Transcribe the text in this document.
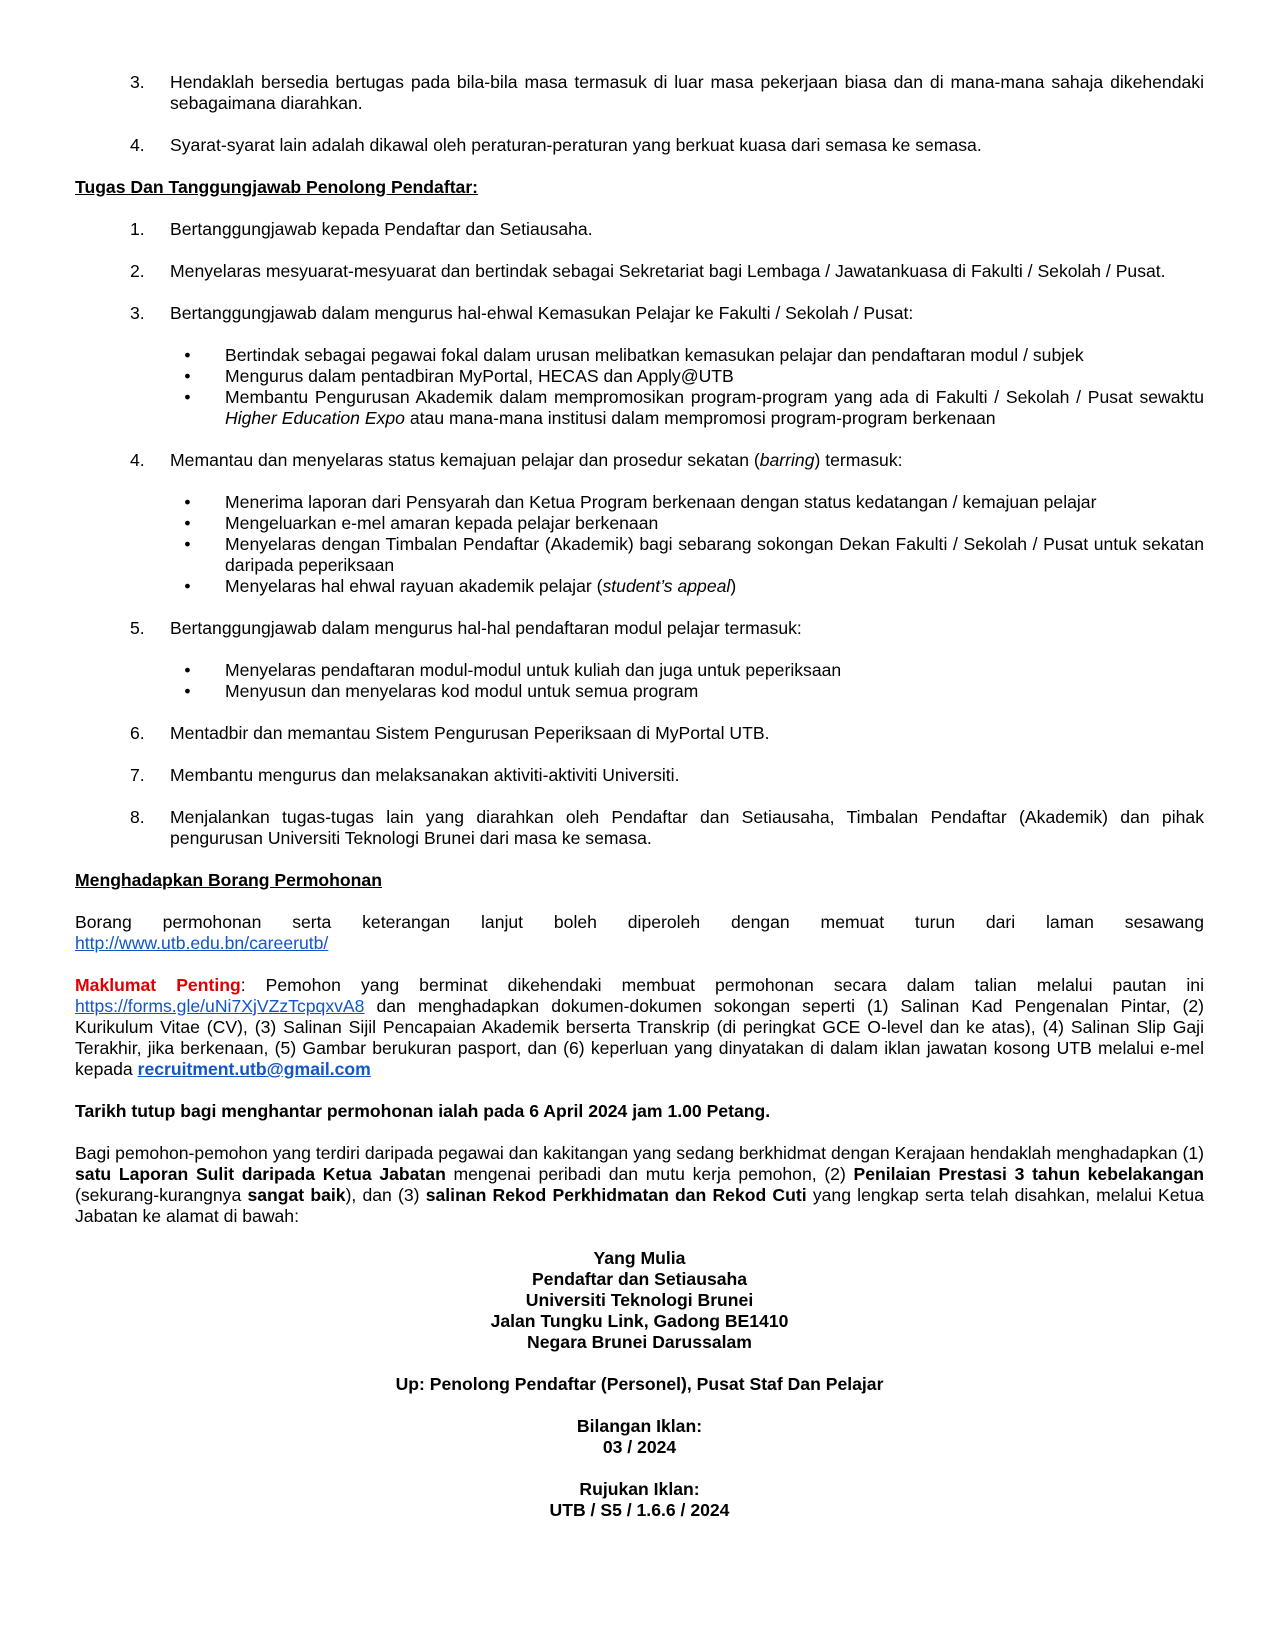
3.	Hendaklah bersedia bertugas pada bila-bila masa termasuk di luar masa pekerjaan biasa dan di mana-mana sahaja dikehendaki sebagaimana diarahkan.
4.	Syarat-syarat lain adalah dikawal oleh peraturan-peraturan yang berkuat kuasa dari semasa ke semasa.
Tugas Dan Tanggungjawab Penolong Pendaftar:
1.	Bertanggungjawab kepada Pendaftar dan Setiausaha.
2.	Menyelaras mesyuarat-mesyuarat dan bertindak sebagai Sekretariat bagi Lembaga / Jawatankuasa di Fakulti / Sekolah / Pusat.
3.	Bertanggungjawab dalam mengurus hal-ehwal Kemasukan Pelajar ke Fakulti / Sekolah / Pusat:
•	Bertindak sebagai pegawai fokal dalam urusan melibatkan kemasukan pelajar dan pendaftaran modul / subjek
•	Mengurus dalam pentadbiran MyPortal, HECAS dan Apply@UTB
•	Membantu Pengurusan Akademik dalam mempromosikan program-program yang ada di Fakulti / Sekolah / Pusat sewaktu Higher Education Expo atau mana-mana institusi dalam mempromosi program-program berkenaan
4.	Memantau dan menyelaras status kemajuan pelajar dan prosedur sekatan (barring) termasuk:
•	Menerima laporan dari Pensyarah dan Ketua Program berkenaan dengan status kedatangan / kemajuan pelajar
•	Mengeluarkan e-mel amaran kepada pelajar berkenaan
•	Menyelaras dengan Timbalan Pendaftar (Akademik) bagi sebarang sokongan Dekan Fakulti / Sekolah / Pusat untuk sekatan daripada peperiksaan
•	Menyelaras hal ehwal rayuan akademik pelajar (student’s appeal)
5.	Bertanggungjawab dalam mengurus hal-hal pendaftaran modul pelajar termasuk:
•	Menyelaras pendaftaran modul-modul untuk kuliah dan juga untuk peperiksaan
•	Menyusun dan menyelaras kod modul untuk semua program
6.	Mentadbir dan memantau Sistem Pengurusan Peperiksaan di MyPortal UTB.
7.	Membantu mengurus dan melaksanakan aktiviti-aktiviti Universiti.
8.	Menjalankan tugas-tugas lain yang diarahkan oleh Pendaftar dan Setiausaha, Timbalan Pendaftar (Akademik) dan pihak pengurusan Universiti Teknologi Brunei dari masa ke semasa.
Menghadapkan Borang Permohonan
Borang permohonan serta keterangan lanjut boleh diperoleh dengan memuat turun dari laman sesawang
http://www.utb.edu.bn/careerutb/
Maklumat Penting: Pemohon yang berminat dikehendaki membuat permohonan secara dalam talian melalui pautan ini https://forms.gle/uNi7XjVZzTcpqxvA8 dan menghadapkan dokumen-dokumen sokongan seperti (1) Salinan Kad Pengenalan Pintar, (2) Kurikulum Vitae (CV), (3) Salinan Sijil Pencapaian Akademik berserta Transkrip (di peringkat GCE O-level dan ke atas), (4) Salinan Slip Gaji Terakhir, jika berkenaan, (5) Gambar berukuran pasport, dan (6) keperluan yang dinyatakan di dalam iklan jawatan kosong UTB melalui e-mel kepada recruitment.utb@gmail.com
Tarikh tutup bagi menghantar permohonan ialah pada 6 April 2024 jam 1.00 Petang.
Bagi pemohon-pemohon yang terdiri daripada pegawai dan kakitangan yang sedang berkhidmat dengan Kerajaan hendaklah menghadapkan (1) satu Laporan Sulit daripada Ketua Jabatan mengenai peribadi dan mutu kerja pemohon, (2) Penilaian Prestasi 3 tahun kebelakangan (sekurang-kurangnya sangat baik), dan (3) salinan Rekod Perkhidmatan dan Rekod Cuti yang lengkap serta telah disahkan, melalui Ketua Jabatan ke alamat di bawah:

Yang Mulia

Pendaftar dan Setiausaha

Universiti Teknologi Brunei

Jalan Tungku Link, Gadong BE1410

Negara Brunei Darussalam

Up: Penolong Pendaftar (Personel), Pusat Staf Dan Pelajar

Bilangan Iklan:

03 / 2024

Rujukan Iklan:

UTB / S5 / 1.6.6 / 2024
